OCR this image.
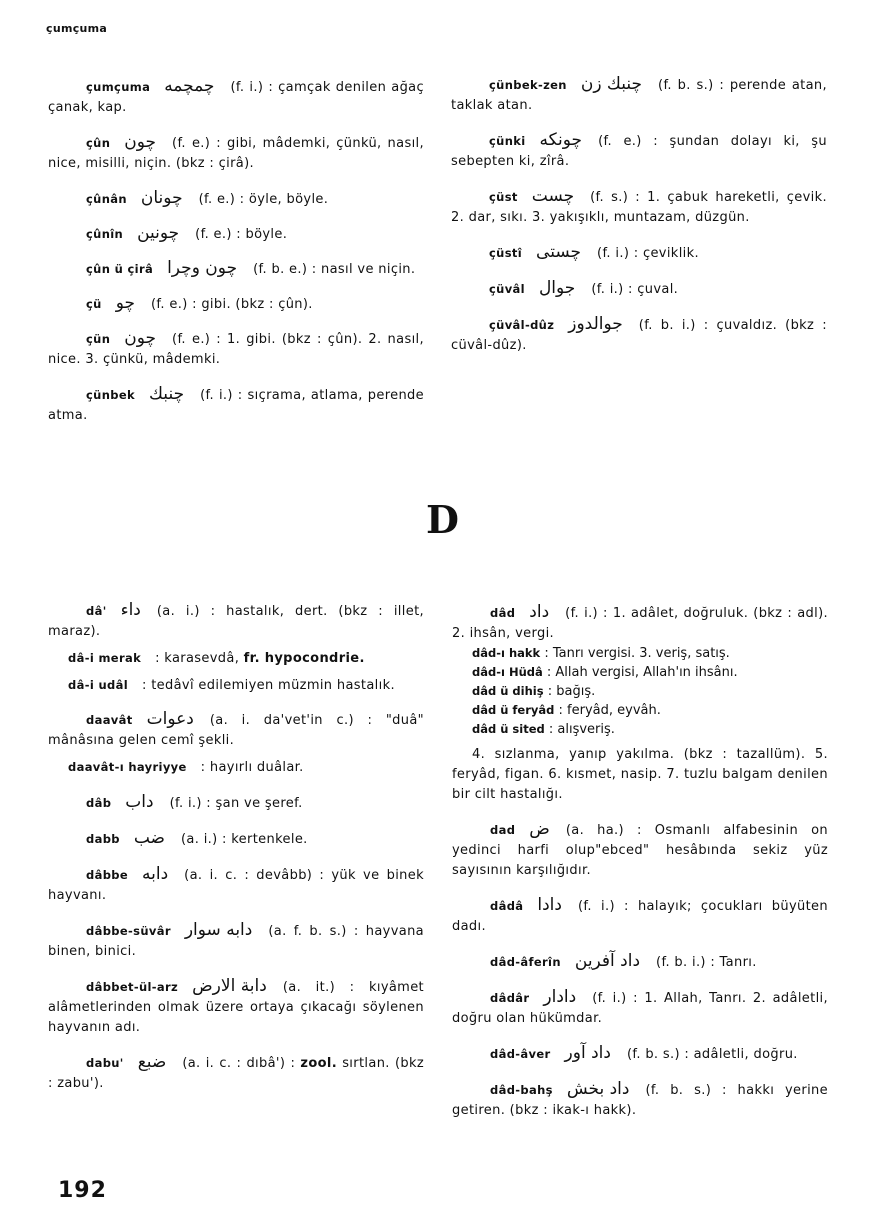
çumçuma
çumçuma چمچمه (f. i.) : çamçak denilen ağaç çanak, kap.
çûn چون (f. e.) : gibi, mâdemki, çünkü, nasıl, nice, misilli, niçin. (bkz : çirâ).
çûnân چونان (f. e.) : öyle, böyle.
çûnîn چونين (f. e.) : böyle.
çûn ü çirâ چون وچرا (f. b. e.) : nasıl ve niçin.
çü چو (f. e.) : gibi. (bkz : çûn).
çün چون (f. e.) : 1. gibi. (bkz : çûn). 2. nasıl, nice. 3. çünkü, mâdemki.
çünbek چنبك (f. i.) : sıçrama, atlama, perende atma.
çünbek-zen چنبك زن (f. b. s.) : perende atan, taklak atan.
çünki چونكه (f. e.) : şundan dolayı ki, şu sebepten ki, zîrâ.
çüst چست (f. s.) : 1. çabuk hareketli, çevik. 2. dar, sıkı. 3. yakışıklı, muntazam, düzgün.
çüstî چستى (f. i.) : çeviklik.
çüvâl جوال (f. i.) : çuval.
çüvâl-dûz جوالدوز (f. b. i.) : çuvaldız. (bkz : cüvâl-dûz).
D
dâ' داء (a. i.) : hastalık, dert. (bkz : illet, maraz).
dâ-i merak : karasevdâ, fr. hypocondrie.
dâ-i udâl : tedâvî edilemiyen müzmin hastalık.
daavât دعوات (a. i. da'vet'in c.) : "duâ" mânâsına gelen cemî şekli.
daavât-ı hayriyye : hayırlı duâlar.
dâb داب (f. i.) : şan ve şeref.
dabb ضب (a. i.) : kertenkele.
dâbbe دابه (a. i. c. : devâbb) : yük ve binek hayvanı.
dâbbe-süvâr دابه سوار (a. f. b. s.) : hayvana binen, binici.
dâbbet-ül-arz دابة الارض (a. it.) : kıyâmet alâmetlerinden olmak üzere ortaya çıkacağı söylenen hayvanın adı.
dabu' ضبع (a. i. c. : dıbâ') : zool. sırtlan. (bkz : zabu').
dâd داد (f. i.) : 1. adâlet, doğruluk. (bkz : adl). 2. ihsân, vergi.
dâd-ı hakk : Tanrı vergisi. 3. veriş, satış.
dâd-ı Hüdâ : Allah vergisi, Allah'ın ihsânı.
dâd ü dihiş : bağış.
dâd ü feryâd : feryâd, eyvâh.
dâd ü sited : alışveriş.
4. sızlanma, yanıp yakılma. (bkz : tazallüm). 5. feryâd, figan. 6. kısmet, nasip. 7. tuzlu balgam denilen bir cilt hastalığı.
dad ض (a. ha.) : Osmanlı alfabesinin on yedinci harfi olup"ebced" hesâbında sekiz yüz sayısının karşılığıdır.
dâdâ دادا (f. i.) : halayık; çocukları büyüten dadı.
dâd-âferîn داد آفرين (f. b. i.) : Tanrı.
dâdâr دادار (f. i.) : 1. Allah, Tanrı. 2. adâletli, doğru olan hükümdar.
dâd-âver داد آور (f. b. s.) : adâletli, doğru.
dâd-bahş داد بخش (f. b. s.) : hakkı yerine getiren. (bkz : ikak-ı hakk).
192
